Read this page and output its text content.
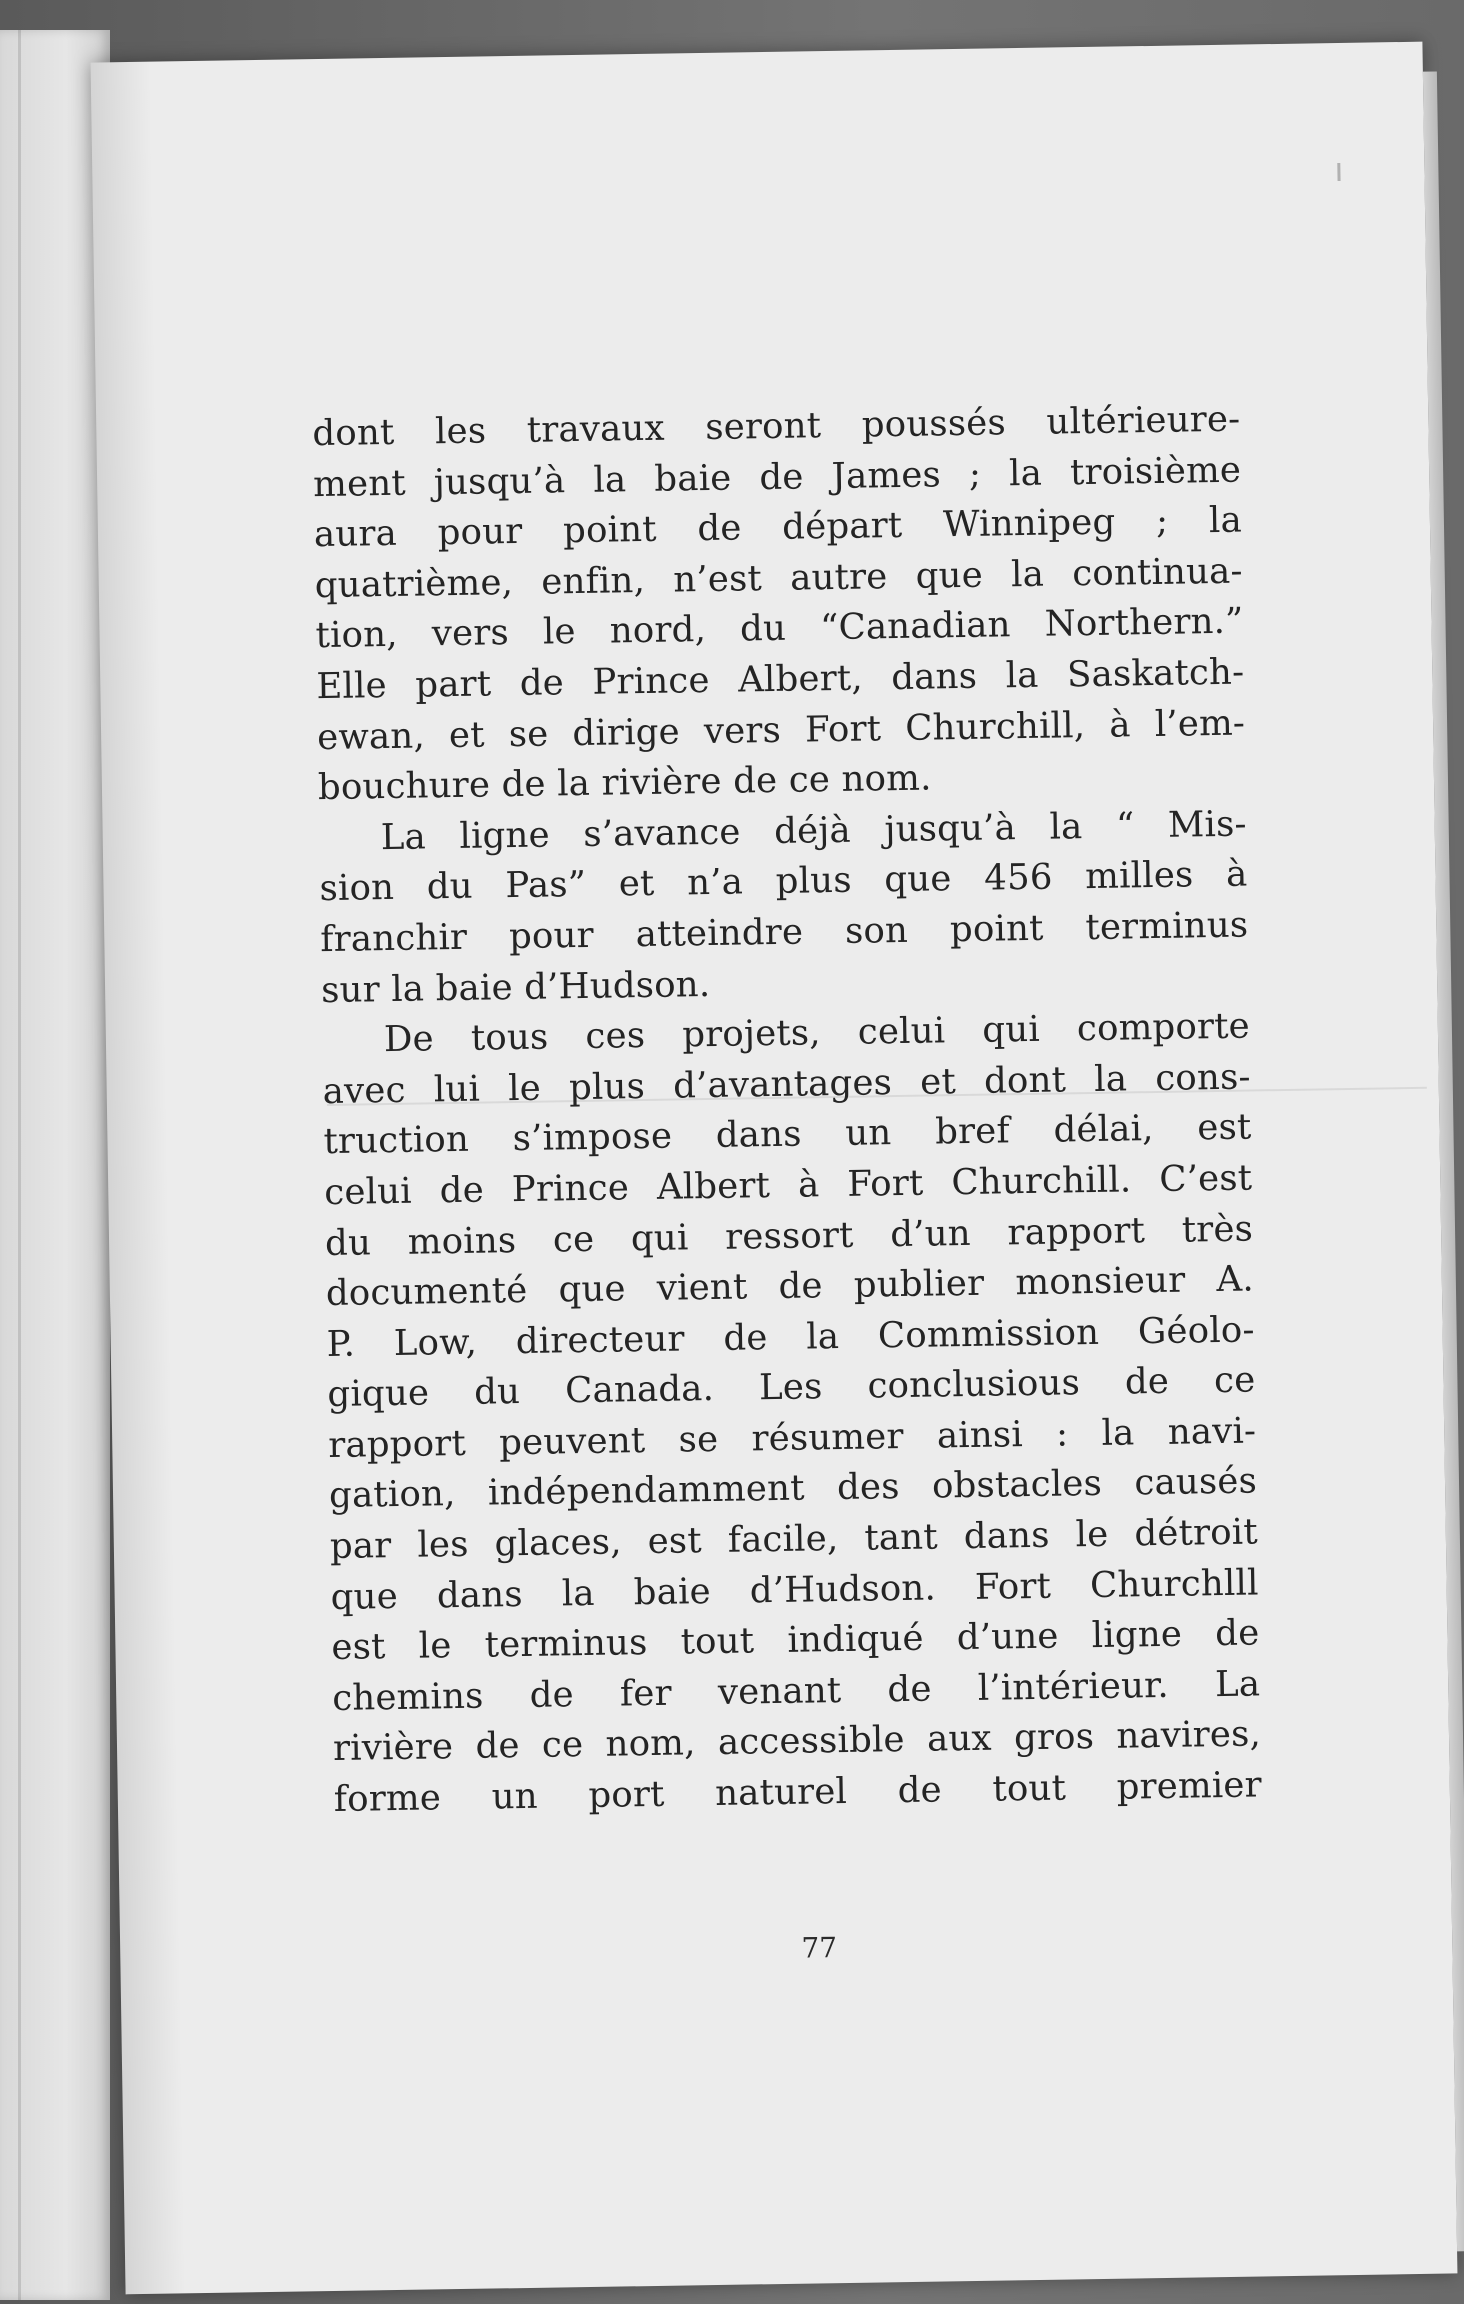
dont les travaux seront poussés ultérieure-
ment jusqu’à la baie de James ; la troisième
aura pour point de départ Winnipeg ; la
quatrième, enfin, n’est autre que la continua-
tion, vers le nord, du “Canadian Northern.”
Elle part de Prince Albert, dans la Saskatch-
ewan, et se dirige vers Fort Churchill, à l’em-
bouchure de la rivière de ce nom.
La ligne s’avance déjà jusqu’à la “ Mis-
sion du Pas” et n’a plus que 456 milles à
franchir pour atteindre son point terminus
sur la baie d’Hudson.
De tous ces projets, celui qui comporte
avec lui le plus d’avantages et dont la cons-
truction s’impose dans un bref délai, est
celui de Prince Albert à Fort Churchill. C’est
du moins ce qui ressort d’un rapport très
documenté que vient de publier monsieur A.
P. Low, directeur de la Commission Géolo-
gique du Canada. Les conclusious de ce
rapport peuvent se résumer ainsi : la navi-
gation, indépendamment des obstacles causés
par les glaces, est facile, tant dans le détroit
que dans la baie d’Hudson. Fort Churchlll
est le terminus tout indiqué d’une ligne de
chemins de fer venant de l’intérieur. La
rivière de ce nom, accessible aux gros navires,
forme un port naturel de tout premier
77
